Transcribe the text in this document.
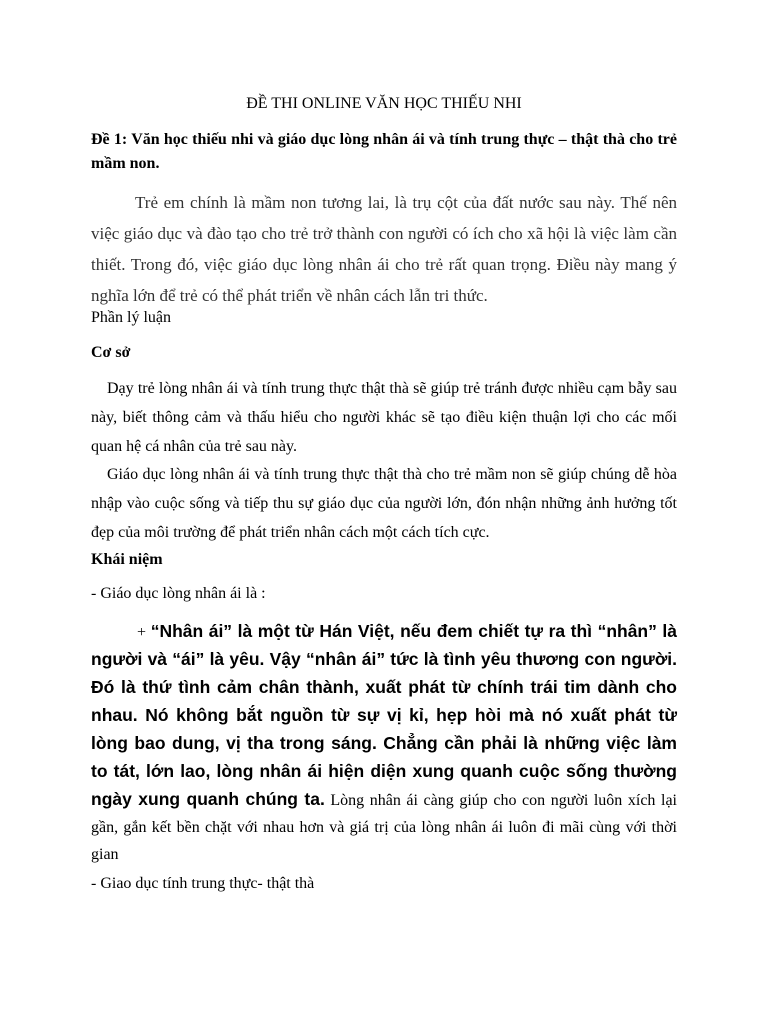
ĐỀ THI ONLINE VĂN HỌC THIẾU NHI

Đề 1: Văn học thiếu nhi và giáo dục lòng nhân ái và tính trung thực – thật thà cho trẻ mầm non.

Trẻ em chính là mầm non tương lai, là trụ cột của đất nước sau này. Thế nên việc giáo dục và đào tạo cho trẻ trở thành con người có ích cho xã hội là việc làm cần thiết. Trong đó, việc giáo dục lòng nhân ái cho trẻ rất quan trọng. Điều này mang ý nghĩa lớn để trẻ có thể phát triển về nhân cách lẫn tri thức.

Phần lý luận

Cơ sở

Dạy trẻ lòng nhân ái và tính trung thực thật thà sẽ giúp trẻ tránh được nhiều cạm bẫy sau này, biết thông cảm và thấu hiểu cho người khác sẽ tạo điều kiện thuận lợi cho các mối quan hệ cá nhân của trẻ sau này.

Giáo dục lòng nhân ái và tính trung thực thật thà cho trẻ mầm non sẽ giúp chúng dễ hòa nhập vào cuộc sống và tiếp thu sự giáo dục của người lớn, đón nhận những ảnh hưởng tốt đẹp của môi trường để phát triển nhân cách một cách tích cực.

Khái niệm

- Giáo dục lòng nhân ái là :

+ “Nhân ái” là một từ Hán Việt, nếu đem chiết tự ra thì “nhân” là người và “ái” là yêu. Vậy “nhân ái” tức là tình yêu thương con người. Đó là thứ tình cảm chân thành, xuất phát từ chính trái tim dành cho nhau. Nó không bắt nguồn từ sự vị kỉ, hẹp hòi mà nó xuất phát từ lòng bao dung, vị tha trong sáng. Chẳng cần phải là những việc làm to tát, lớn lao, lòng nhân ái hiện diện xung quanh cuộc sống thường ngày xung quanh chúng ta. Lòng nhân ái càng giúp cho con người luôn xích lại gần, gắn kết bền chặt với nhau hơn và giá trị của lòng nhân ái luôn đi mãi cùng với thời gian

- Giao dục tính trung thực- thật thà
